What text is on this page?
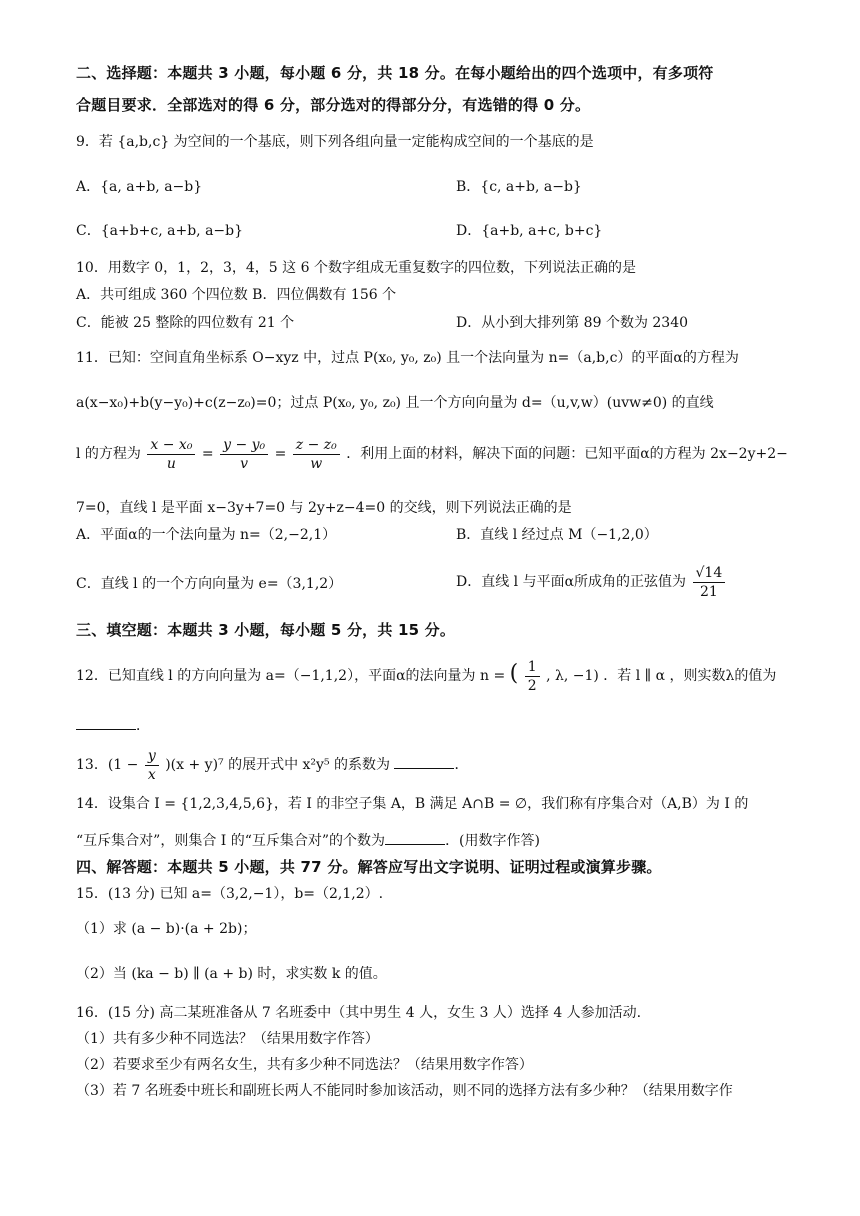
二、选择题：本题共 3 小题，每小题 6 分，共 18 分。在每小题给出的四个选项中，有多项符
合题目要求．全部选对的得 6 分，部分选对的得部分分，有选错的得 0 分。
9．若 {a,b,c} 为空间的一个基底，则下列各组向量一定能构成空间的一个基底的是
A．{a, a+b, a−b}	B．{c, a+b, a−b}
C．{a+b+c, a+b, a−b}	D．{a+b, a+c, b+c}
10．用数字 0，1，2，3，4，5 这 6 个数字组成无重复数字的四位数，下列说法正确的是
A．共可组成 360 个四位数 B．四位偶数有 156 个
C．能被 25 整除的四位数有 21 个	D．从小到大排列第 89 个数为 2340
11．已知：空间直角坐标系 O−xyz 中，过点 P(x₀, y₀, z₀) 且一个法向量为 n=（a,b,c）的平面α的方程为
a(x−x₀)+b(y−y₀)+c(z−z₀)=0；过点 P(x₀, y₀, z₀) 且一个方向向量为 d=（u,v,w）(uvw≠0) 的直线
l 的方程为 $\frac{\text{x − x₀}}{u} = \frac{\text{y − y₀}}{v} = \frac{\text{z − z₀}}{w}$ ．利用上面的材料，解决下面的问题：已知平面α的方程为 2x−2y+2−
7=0，直线 l 是平面 x−3y+7=0 与 2y+z−4=0 的交线，则下列说法正确的是
A．平面α的一个法向量为 n=（2,−2,1）	B．直线 l 经过点 M（−1,2,0）
C．直线 l 的一个方向向量为 e=（3,1,2）	D．直线 l 与平面α所成角的正弦值为 $\frac{√14}{21}$
三、填空题：本题共 3 小题，每小题 5 分，共 15 分。
12．已知直线 l 的方向向量为 a=（−1,1,2），平面α的法向量为 n = ( $\frac{1}{2}$ , λ, −1) ．若 l ∥ α ，则实数λ的值为
．
13．$(1 - \frac{y}{x} )(x + y)^7$ 的展开式中 x²y⁵ 的系数为	．
14．设集合 I = {1,2,3,4,5,6}，若 I 的非空子集 A，B 满足 A∩B = ∅，我们称有序集合对（A,B）为 I 的
“互斥集合对”，则集合 I 的“互斥集合对”的个数为	．(用数字作答)
四、解答题：本题共 5 小题，共 77 分。解答应写出文字说明、证明过程或演算步骤。
15．(13 分) 已知 a=（3,2,−1），b=（2,1,2）.
（1）求 (a − b)·(a + 2b)；
（2）当 (ka − b) ∥ (a + b) 时，求实数 k 的值。
16．(15 分) 高二某班准备从 7 名班委中（其中男生 4 人，女生 3 人）选择 4 人参加活动.
（1）共有多少种不同选法？（结果用数字作答）
（2）若要求至少有两名女生，共有多少种不同选法？（结果用数字作答）
（3）若 7 名班委中班长和副班长两人不能同时参加该活动，则不同的选择方法有多少种？（结果用数字作
